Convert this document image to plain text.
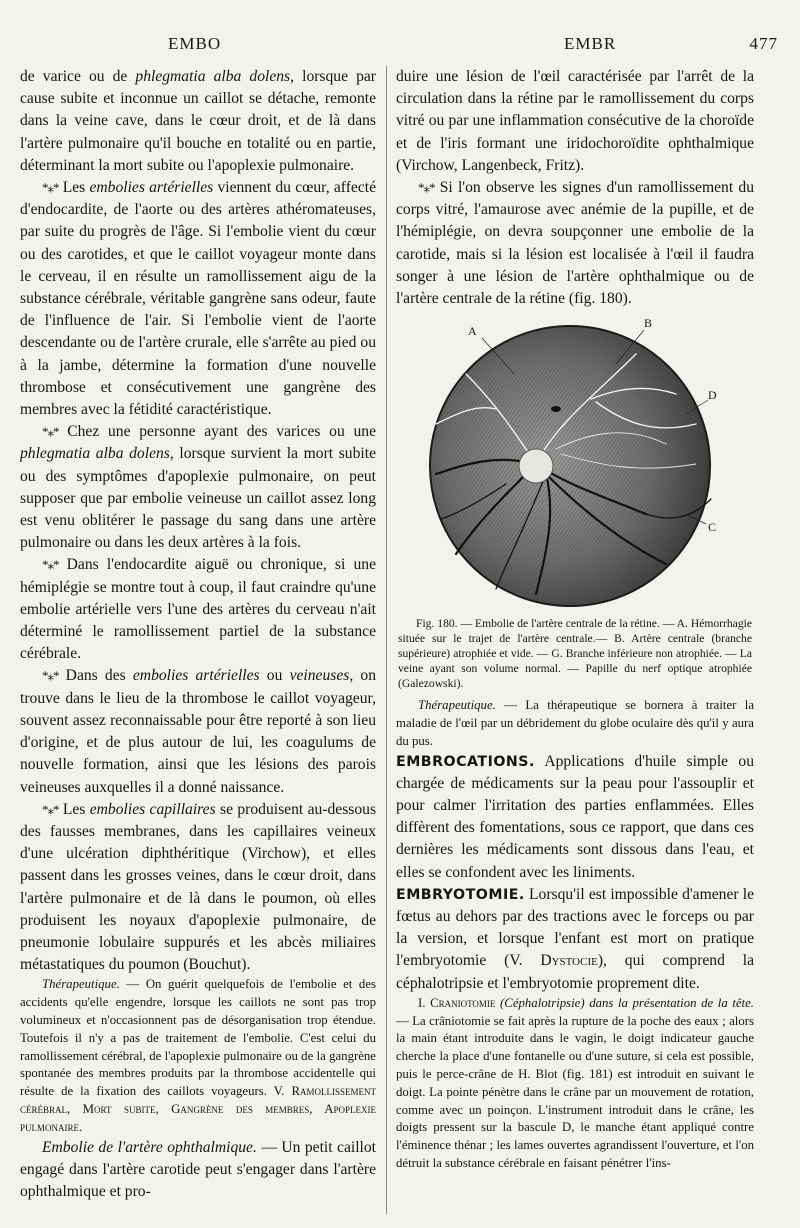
EMBO	EMBR	477

de varice ou de phlegmatia alba dolens, lorsque par cause subite et inconnue un caillot se détache, remonte dans la veine cave, dans le cœur droit, et de là dans l'artère pulmonaire qu'il bouche en totalité ou en partie, déterminant la mort subite ou l'apoplexie pulmonaire.

*⁎* Les embolies artérielles viennent du cœur, affecté d'endocardite, de l'aorte ou des artères athéromateuses, par suite du progrès de l'âge. Si l'embolie vient du cœur ou des carotides, et que le caillot voyageur monte dans le cerveau, il en résulte un ramollissement aigu de la substance cérébrale, véritable gangrène sans odeur, faute de l'influence de l'air. Si l'embolie vient de l'aorte descendante ou de l'artère crurale, elle s'arrête au pied ou à la jambe, détermine la formation d'une nouvelle thrombose et consécutivement une gangrène des membres avec la fétidité caractéristique.

*⁎* Chez une personne ayant des varices ou une phlegmatia alba dolens, lorsque survient la mort subite ou des symptômes d'apoplexie pulmonaire, on peut supposer que par embolie veineuse un caillot assez long est venu oblitérer le passage du sang dans une artère pulmonaire ou dans les deux artères à la fois.

*⁎* Dans l'endocardite aiguë ou chronique, si une hémiplégie se montre tout à coup, il faut craindre qu'une embolie artérielle vers l'une des artères du cerveau n'ait déterminé le ramollissement partiel de la substance cérébrale.

*⁎* Dans des embolies artérielles ou veineuses, on trouve dans le lieu de la thrombose le caillot voyageur, souvent assez reconnaissable pour être reporté à son lieu d'origine, et de plus autour de lui, les coagulums de nouvelle formation, ainsi que les lésions des parois veineuses auxquelles il a donné naissance.

*⁎* Les embolies capillaires se produisent au-dessous des fausses membranes, dans les capillaires veineux d'une ulcération diphthéritique (Virchow), et elles passent dans les grosses veines, dans le cœur droit, dans l'artère pulmonaire et de là dans le poumon, où elles produisent les noyaux d'apoplexie pulmonaire, de pneumonie lobulaire suppurés et les abcès miliaires métastatiques du poumon (Bouchut).

Thérapeutique. — On guérit quelquefois de l'embolie et des accidents qu'elle engendre, lorsque les caillots ne sont pas trop volumineux et n'occasionnent pas de désorganisation trop étendue. Toutefois il n'y a pas de traitement de l'embolie. C'est celui du ramollissement cérébral, de l'apoplexie pulmonaire ou de la gangrène spontanée des membres produits par la thrombose accidentelle qui résulte de la fixation des caillots voyageurs. V. Ramollissement cérébral, Mort subite, Gangrène des membres, Apoplexie pulmonaire.

Embolie de l'artère ophthalmique. — Un petit caillot engagé dans l'artère carotide peut s'engager dans l'artère ophthalmique et pro-

duire une lésion de l'œil caractérisée par l'arrêt de la circulation dans la rétine par le ramollissement du corps vitré ou par une inflammation consécutive de la choroïde et de l'iris formant une iridochoroïdite ophthalmique (Virchow, Langenbeck, Fritz).

*⁎* Si l'on observe les signes d'un ramollissement du corps vitré, l'amaurose avec anémie de la pupille, et de l'hémiplégie, on devra soupçonner une embolie de la carotide, mais si la lésion est localisée à l'œil il faudra songer à une lésion de l'artère ophthalmique ou de l'artère centrale de la rétine (fig. 180).

A
B
D
C

Fig. 180. — Embolie de l'artère centrale de la rétine. — A. Hémorrhagie située sur le trajet de l'artère centrale.— B. Artère centrale (branche supérieure) atrophiée et vide. — G. Branche inférieure non atrophiée. — La veine ayant son volume normal. — Papille du nerf optique atrophiée (Galezowski).

Thérapeutique. — La thérapeutique se bornera à traiter la maladie de l'œil par un débridement du globe oculaire dès qu'il y aura du pus.

EMBROCATIONS. Applications d'huile simple ou chargée de médicaments sur la peau pour l'assouplir et pour calmer l'irritation des parties enflammées. Elles diffèrent des fomentations, sous ce rapport, que dans ces dernières les médicaments sont dissous dans l'eau, et elles se confondent avec les liniments.

EMBRYOTOMIE. Lorsqu'il est impossible d'amener le fœtus au dehors par des tractions avec le forceps ou par la version, et lorsque l'enfant est mort on pratique l'embryotomie (V. Dystocie), qui comprend la céphalotripsie et l'embryotomie proprement dite.

I. Craniotomie (Céphalotripsie) dans la présentation de la tête. — La crâniotomie se fait après la rupture de la poche des eaux ; alors la main étant introduite dans le vagin, le doigt indicateur gauche cherche la place d'une fontanelle ou d'une suture, si cela est possible, puis le perce-crâne de H. Blot (fig. 181) est introduit en suivant le doigt. La pointe pénètre dans le crâne par un mouvement de rotation, comme avec un poinçon. L'instrument introduit dans le crâne, les doigts pressent sur la bascule D, le manche étant appliqué contre l'éminence thénar ; les lames ouvertes agrandissent l'ouverture, et l'on détruit la substance cérébrale en faisant pénétrer l'ins-
